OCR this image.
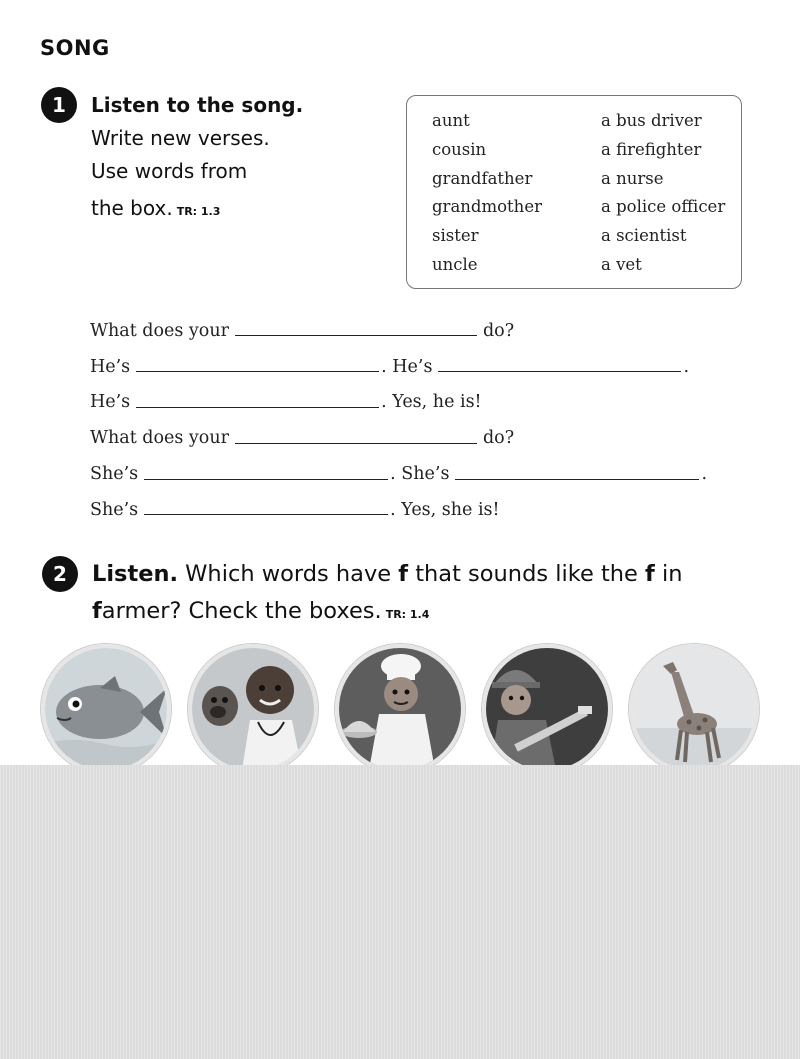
SONG
1	Listen to the song.
Write new verses.
Use words from
the box. TR: 1.3
aunt
cousin
grandfather
grandmother
sister
uncle
a bus driver
a firefighter
a nurse
a police officer
a scientist
a vet
What does your	do?
He’s	. He’s	.
He’s	. Yes, he is!
What does your	do?
She’s	. She’s	.
She’s	. Yes, she is!
2	Listen. Which words have f that sounds like the f in
farmer? Check the boxes. TR: 1.4
